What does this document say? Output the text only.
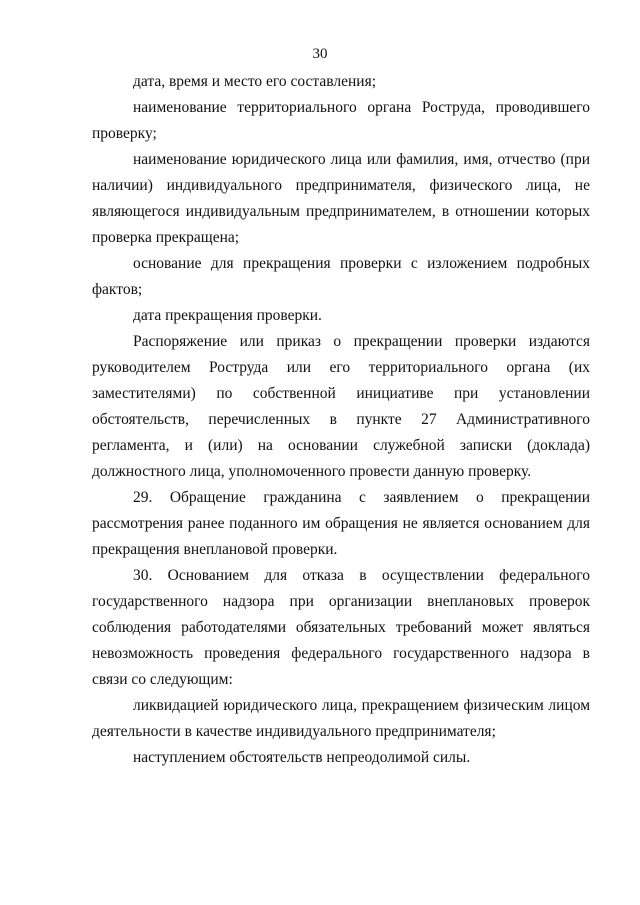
30

дата, время и место его составления;

наименование территориального органа Роструда, проводившего проверку;

наименование юридического лица или фамилия, имя, отчество (при наличии) индивидуального предпринимателя, физического лица, не являющегося индивидуальным предпринимателем, в отношении которых проверка прекращена;

основание для прекращения проверки с изложением подробных фактов;

дата прекращения проверки.

Распоряжение или приказ о прекращении проверки издаются руководителем Роструда или его территориального органа (их заместителями) по собственной инициативе при установлении обстоятельств, перечисленных в пункте 27 Административного регламента, и (или) на основании служебной записки (доклада) должностного лица, уполномоченного провести данную проверку.

29. Обращение гражданина с заявлением о прекращении рассмотрения ранее поданного им обращения не является основанием для прекращения внеплановой проверки.

30. Основанием для отказа в осуществлении федерального государственного надзора при организации внеплановых проверок соблюдения работодателями обязательных требований может являться невозможность проведения федерального государственного надзора в связи со следующим:

ликвидацией юридического лица, прекращением физическим лицом деятельности в качестве индивидуального предпринимателя;

наступлением обстоятельств непреодолимой силы.
